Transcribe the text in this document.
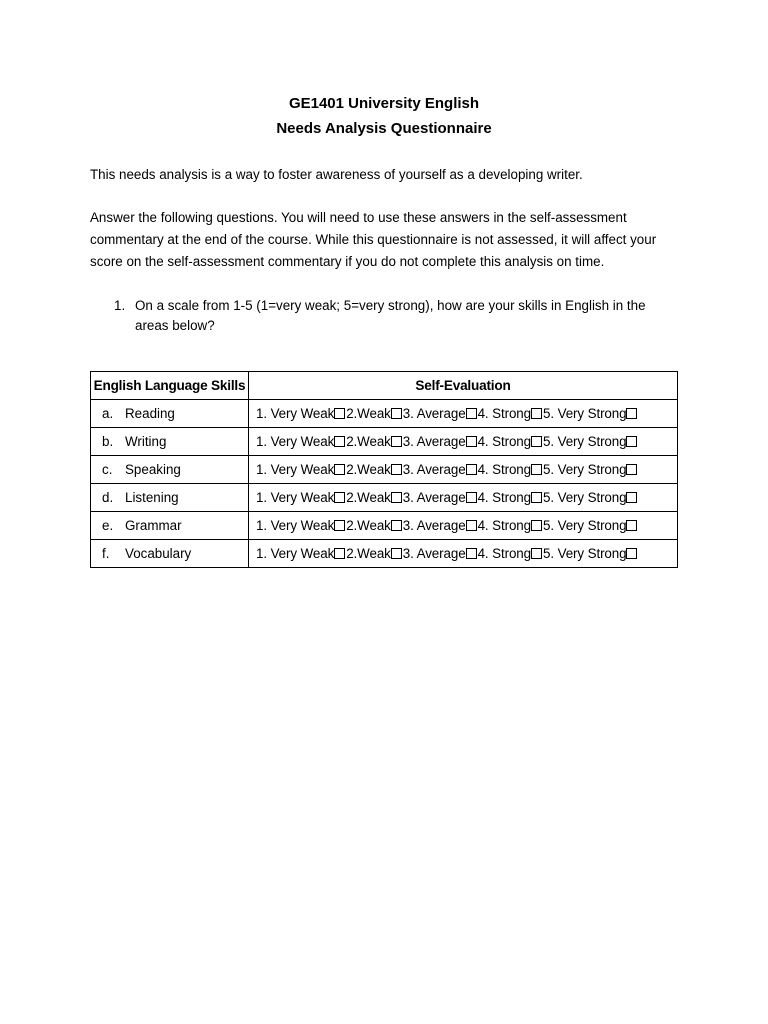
GE1401 University English
Needs Analysis Questionnaire
This needs analysis is a way to foster awareness of yourself as a developing writer.
Answer the following questions. You will need to use these answers in the self-assessment commentary at the end of the course. While this questionnaire is not assessed, it will affect your score on the self-assessment commentary if you do not complete this analysis on time.
1. On a scale from 1-5 (1=very weak; 5=very strong), how are your skills in English in the areas below?
English Language Skills	Self-Evaluation
a. Reading	1. Very Weak 2.Weak 3. Average 4. Strong 5. Very Strong
b. Writing	1. Very Weak 2.Weak 3. Average 4. Strong 5. Very Strong
c. Speaking	1. Very Weak 2.Weak 3. Average 4. Strong 5. Very Strong
d. Listening	1. Very Weak 2.Weak 3. Average 4. Strong 5. Very Strong
e. Grammar	1. Very Weak 2.Weak 3. Average 4. Strong 5. Very Strong
f. Vocabulary	1. Very Weak 2.Weak 3. Average 4. Strong 5. Very Strong
